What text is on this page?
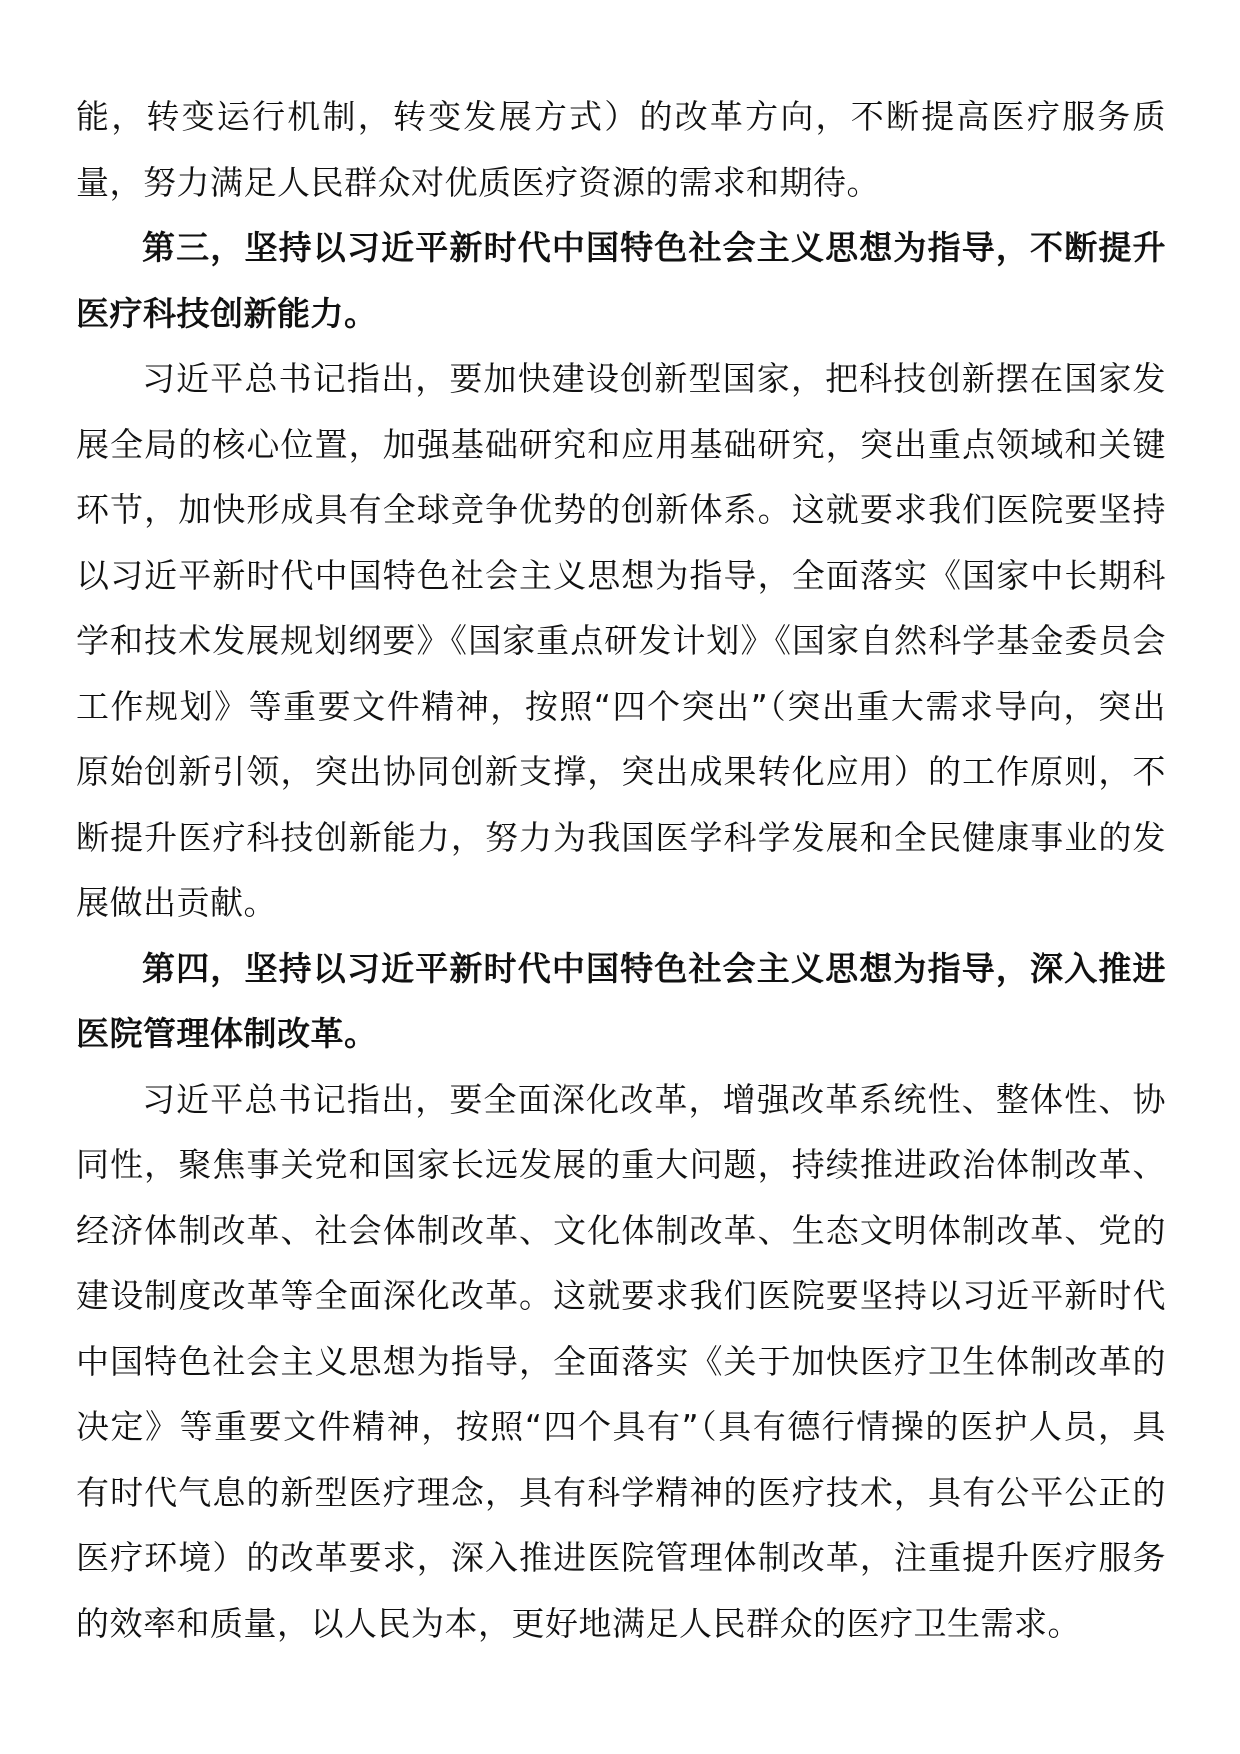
能，转变运行机制，转变发展方式）的改革方向，不断提高医疗服务质量，努力满足人民群众对优质医疗资源的需求和期待。

第三，坚持以习近平新时代中国特色社会主义思想为指导，不断提升医疗科技创新能力。

习近平总书记指出，要加快建设创新型国家，把科技创新摆在国家发展全局的核心位置，加强基础研究和应用基础研究，突出重点领域和关键环节，加快形成具有全球竞争优势的创新体系。这就要求我们医院要坚持以习近平新时代中国特色社会主义思想为指导，全面落实《国家中长期科学和技术发展规划纲要》《国家重点研发计划》《国家自然科学基金委员会工作规划》等重要文件精神，按照“四个突出”（突出重大需求导向，突出原始创新引领，突出协同创新支撑，突出成果转化应用）的工作原则，不断提升医疗科技创新能力，努力为我国医学科学发展和全民健康事业的发展做出贡献。

第四，坚持以习近平新时代中国特色社会主义思想为指导，深入推进医院管理体制改革。

习近平总书记指出，要全面深化改革，增强改革系统性、整体性、协同性，聚焦事关党和国家长远发展的重大问题，持续推进政治体制改革、经济体制改革、社会体制改革、文化体制改革、生态文明体制改革、党的建设制度改革等全面深化改革。这就要求我们医院要坚持以习近平新时代中国特色社会主义思想为指导，全面落实《关于加快医疗卫生体制改革的决定》等重要文件精神，按照“四个具有”（具有德行情操的医护人员，具有时代气息的新型医疗理念，具有科学精神的医疗技术，具有公平公正的医疗环境）的改革要求，深入推进医院管理体制改革，注重提升医疗服务的效率和质量，以人民为本，更好地满足人民群众的医疗卫生需求。
